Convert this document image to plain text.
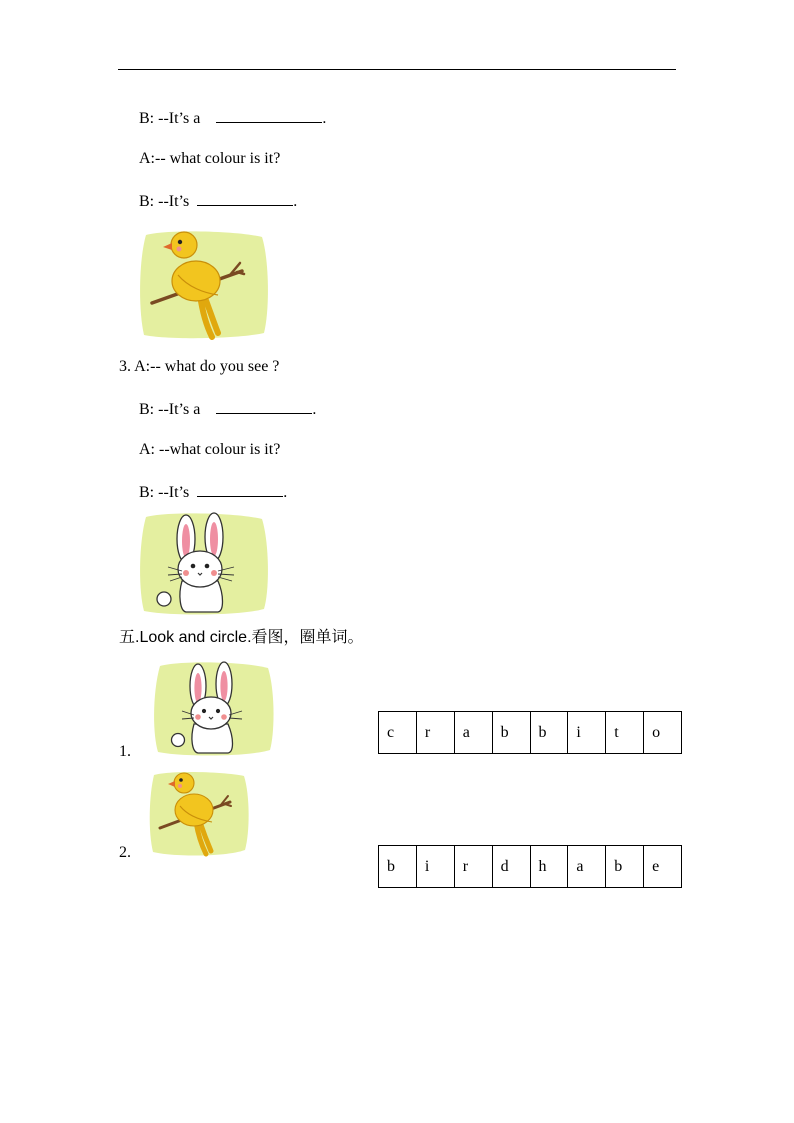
B: --It’s a	.
A:-- what colour is it?
B: --It’s	.
3. A:-- what do you see ?
B: --It’s a	.
A: --what colour is it?
B: --It’s	.
五.Look and circle.看图，圈单词。
1.
c	r	a	b	b	i	t	o
2.
b	i	r	d	h	a	b	e
